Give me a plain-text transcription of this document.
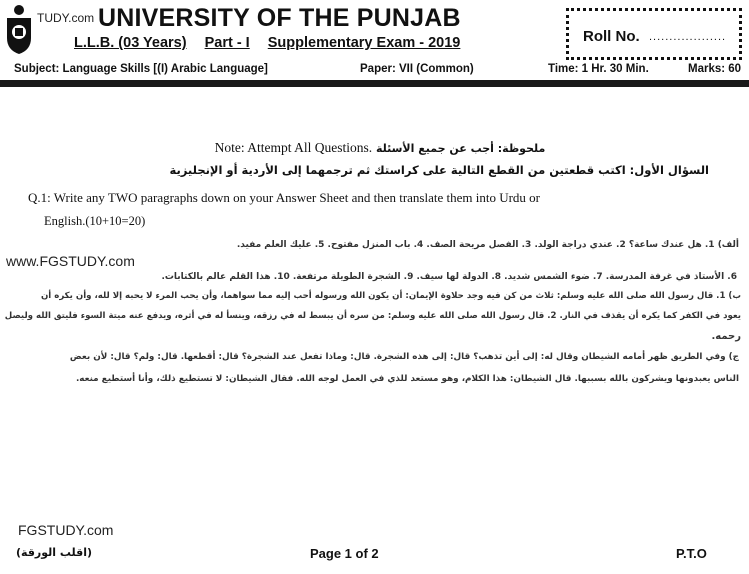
TUDY.com UNIVERSITY OF THE PUNJAB
L.L.B. (03 Years) Part - I Supplementary Exam - 2019	Roll No. ...................
Subject: Language Skills [(I) Arabic Language]	Paper: VII (Common)	Time: 1 Hr. 30 Min.	Marks: 60
Note: Attempt All Questions. ملحوظة: أجب عن جميع الأسئلة
السؤال الأول: اكتب قطعتين من القطع التالية على كراستك ثم ترجمهما إلى الأردية أو الإنجليزية
Q.1: Write any TWO paragraphs down on your Answer Sheet and then translate them into Urdu or
English.(10+10=20)
www.FGSTUDY.com
ألف) 1. هل عندك ساعة؟ 2. عندي دراجة الولد. 3. الفصل مريحة الصف. 4. باب المنزل مفتوح. 5. عليك العلم مفيد.
6. الأستاذ في غرفة المدرسة. 7. ضوء الشمس شديد. 8. الدولة لها سيف. 9. الشجرة الطويلة مرتفعة. 10. هذا القلم عالم بالكتابات.
ب) 1. قال رسول الله صلى الله عليه وسلم: ثلاث من كن فيه وجد حلاوة الإيمان: أن يكون الله ورسوله أحب إليه مما سواهما، وأن يحب المرء لا يحبه إلا لله، وأن يكره أن
يعود في الكفر كما يكره أن يقذف في النار. 2. قال رسول الله صلى الله عليه وسلم: من سره أن يبسط له في رزقه، وينسأ له في أثره، ويدفع عنه ميتة السوء فليتق الله وليصل
رحمه.
ج) وفي الطريق ظهر أمامه الشيطان وقال له: إلى أين تذهب؟ قال: إلى هذه الشجرة. قال: وماذا تفعل عند الشجرة؟ قال: أقطعها. قال: ولم؟ قال: لأن بعض
الناس يعبدونها ويشركون بالله بسببها. قال الشيطان: هذا الكلام، وهو مستعد للذي في العمل لوجه الله. فقال الشيطان: لا تستطيع ذلك، وأنا أستطيع منعه.
FGSTUDY.com
(اقلب الورقة)	Page 1 of 2	P.T.O
